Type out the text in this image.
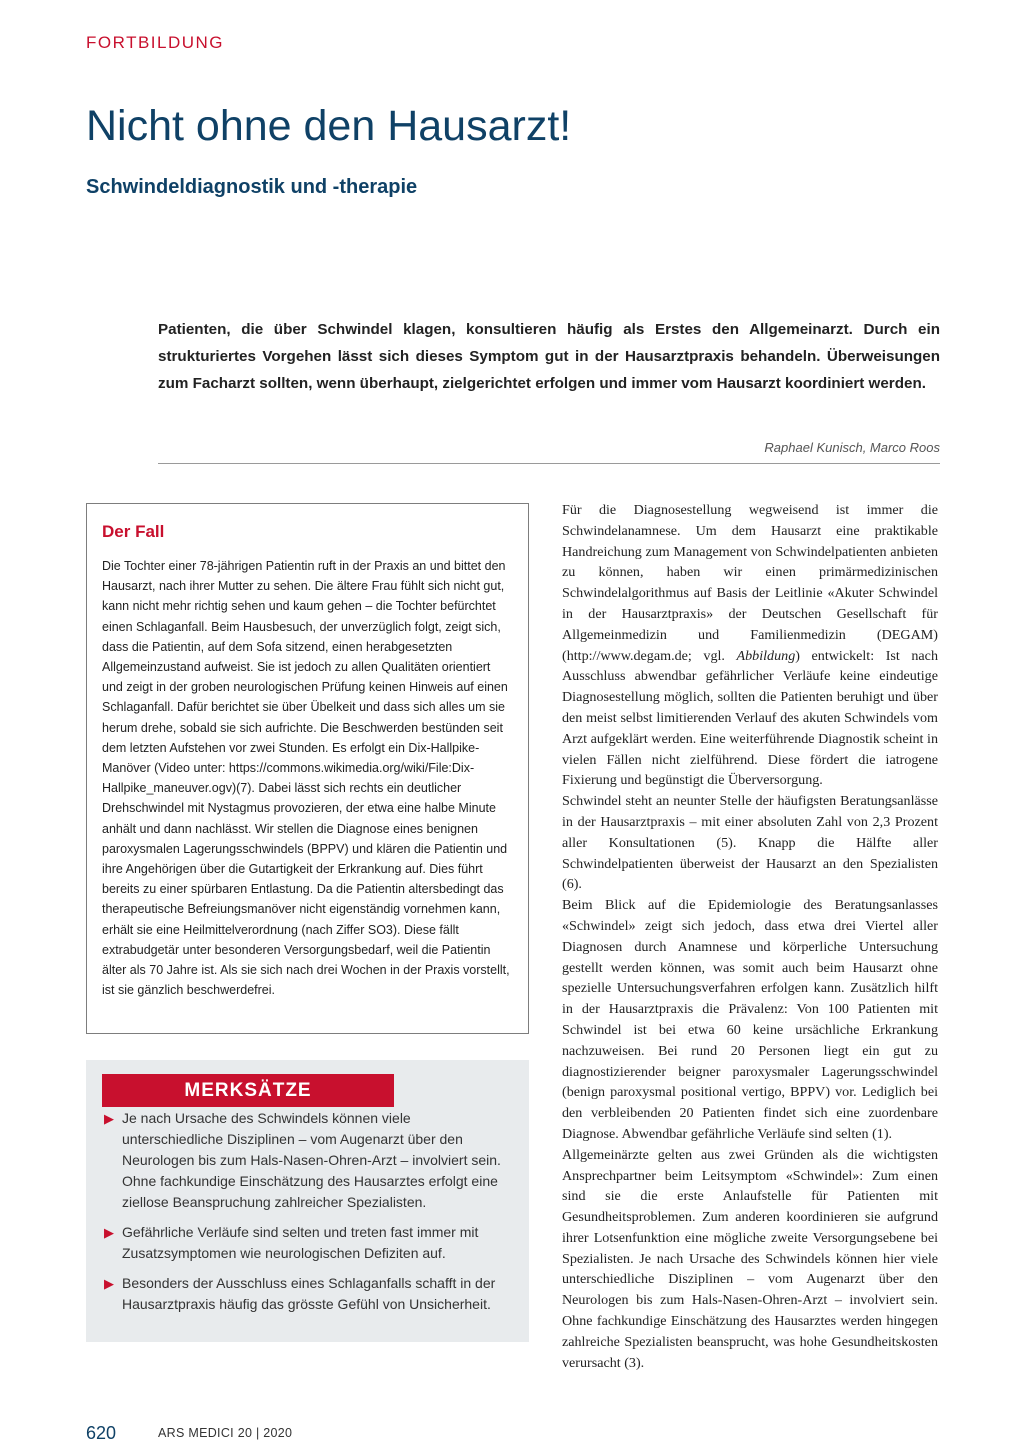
FORTBILDUNG
Nicht ohne den Hausarzt!
Schwindeldiagnostik und -therapie

Patienten, die über Schwindel klagen, konsultieren häufig als Erstes den Allgemeinarzt. Durch ein strukturiertes Vorgehen lässt sich dieses Symptom gut in der Hausarztpraxis behandeln. Überweisungen zum Facharzt sollten, wenn überhaupt, zielgerichtet erfolgen und immer vom Hausarzt koordiniert werden.

Raphael Kunisch, Marco Roos
Der Fall

Die Tochter einer 78-jährigen Patientin ruft in der Praxis an und bittet den Hausarzt, nach ihrer Mutter zu sehen. Die ältere Frau fühlt sich nicht gut, kann nicht mehr richtig sehen und kaum gehen – die Tochter befürchtet einen Schlaganfall. Beim Hausbesuch, der unverzüglich folgt, zeigt sich, dass die Patientin, auf dem Sofa sitzend, einen herabgesetzten Allgemeinzustand aufweist. Sie ist jedoch zu allen Qualitäten orientiert und zeigt in der groben neurologischen Prüfung keinen Hinweis auf einen Schlaganfall. Dafür berichtet sie über Übelkeit und dass sich alles um sie herum drehe, sobald sie sich aufrichte. Die Beschwerden bestünden seit dem letzten Aufstehen vor zwei Stunden. Es erfolgt ein Dix-Hallpike-Manöver (Video unter: https://commons.wikimedia.org/wiki/File:Dix-Hallpike_maneuver.ogv)(7). Dabei lässt sich rechts ein deutlicher Drehschwindel mit Nystagmus provozieren, der etwa eine halbe Minute anhält und dann nachlässt. Wir stellen die Diagnose eines benignen paroxysmalen Lagerungsschwindels (BPPV) und klären die Patientin und ihre Angehörigen über die Gutartigkeit der Erkrankung auf. Dies führt bereits zu einer spürbaren Entlastung. Da die Patientin altersbedingt das therapeutische Befreiungsmanöver nicht eigenständig vornehmen kann, erhält sie eine Heilmittelverordnung (nach Ziffer SO3). Diese fällt extrabudgetär unter besonderen Versorgungsbedarf, weil die Patientin älter als 70 Jahre ist. Als sie sich nach drei Wochen in der Praxis vorstellt, ist sie gänzlich beschwerdefrei.

MERKSÄTZE
▶ Je nach Ursache des Schwindels können viele unterschiedliche Disziplinen – vom Augenarzt über den Neurologen bis zum Hals-Nasen-Ohren-Arzt – involviert sein. Ohne fachkundige Einschätzung des Hausarztes erfolgt eine ziellose Beanspruchung zahlreicher Spezialisten.
▶ Gefährliche Verläufe sind selten und treten fast immer mit Zusatzsymptomen wie neurologischen Defiziten auf.
▶ Besonders der Ausschluss eines Schlaganfalls schafft in der Hausarztpraxis häufig das grösste Gefühl von Unsicherheit.

Für die Diagnosestellung wegweisend ist immer die Schwindelanamnese. Um dem Hausarzt eine praktikable Handreichung zum Management von Schwindelpatienten anbieten zu können, haben wir einen primärmedizinischen Schwindelalgorithmus auf Basis der Leitlinie «Akuter Schwindel in der Hausarztpraxis» der Deutschen Gesellschaft für Allgemeinmedizin und Familienmedizin (DEGAM) (http://www.degam.de; vgl. Abbildung) entwickelt: Ist nach Ausschluss abwendbar gefährlicher Verläufe keine eindeutige Diagnosestellung möglich, sollten die Patienten beruhigt und über den meist selbst limitierenden Verlauf des akuten Schwindels vom Arzt aufgeklärt werden. Eine weiterführende Diagnostik scheint in vielen Fällen nicht zielführend. Diese fördert die iatrogene Fixierung und begünstigt die Überversorgung.

Schwindel steht an neunter Stelle der häufigsten Beratungsanlässe in der Hausarztpraxis – mit einer absoluten Zahl von 2,3 Prozent aller Konsultationen (5). Knapp die Hälfte aller Schwindelpatienten überweist der Hausarzt an den Spezialisten (6).

Beim Blick auf die Epidemiologie des Beratungsanlasses «Schwindel» zeigt sich jedoch, dass etwa drei Viertel aller Diagnosen durch Anamnese und körperliche Untersuchung gestellt werden können, was somit auch beim Hausarzt ohne spezielle Untersuchungsverfahren erfolgen kann. Zusätzlich hilft in der Hausarztpraxis die Prävalenz: Von 100 Patienten mit Schwindel ist bei etwa 60 keine ursächliche Erkrankung nachzuweisen. Bei rund 20 Personen liegt ein gut zu diagnostizierender beigner paroxysmaler Lagerungsschwindel (benign paroxysmal positional vertigo, BPPV) vor. Lediglich bei den verbleibenden 20 Patienten findet sich eine zuordenbare Diagnose. Abwendbar gefährliche Verläufe sind selten (1).

Allgemeinärzte gelten aus zwei Gründen als die wichtigsten Ansprechpartner beim Leitsymptom «Schwindel»: Zum einen sind sie die erste Anlaufstelle für Patienten mit Gesundheitsproblemen. Zum anderen koordinieren sie aufgrund ihrer Lotsenfunktion eine mögliche zweite Versorgungsebene bei Spezialisten. Je nach Ursache des Schwindels können hier viele unterschiedliche Disziplinen – vom Augenarzt über den Neurologen bis zum Hals-Nasen-Ohren-Arzt – involviert sein. Ohne fachkundige Einschätzung des Hausarztes werden hingegen zahlreiche Spezialisten beansprucht, was hohe Gesundheitskosten verursacht (3).

620	ARS MEDICI 20 | 2020
